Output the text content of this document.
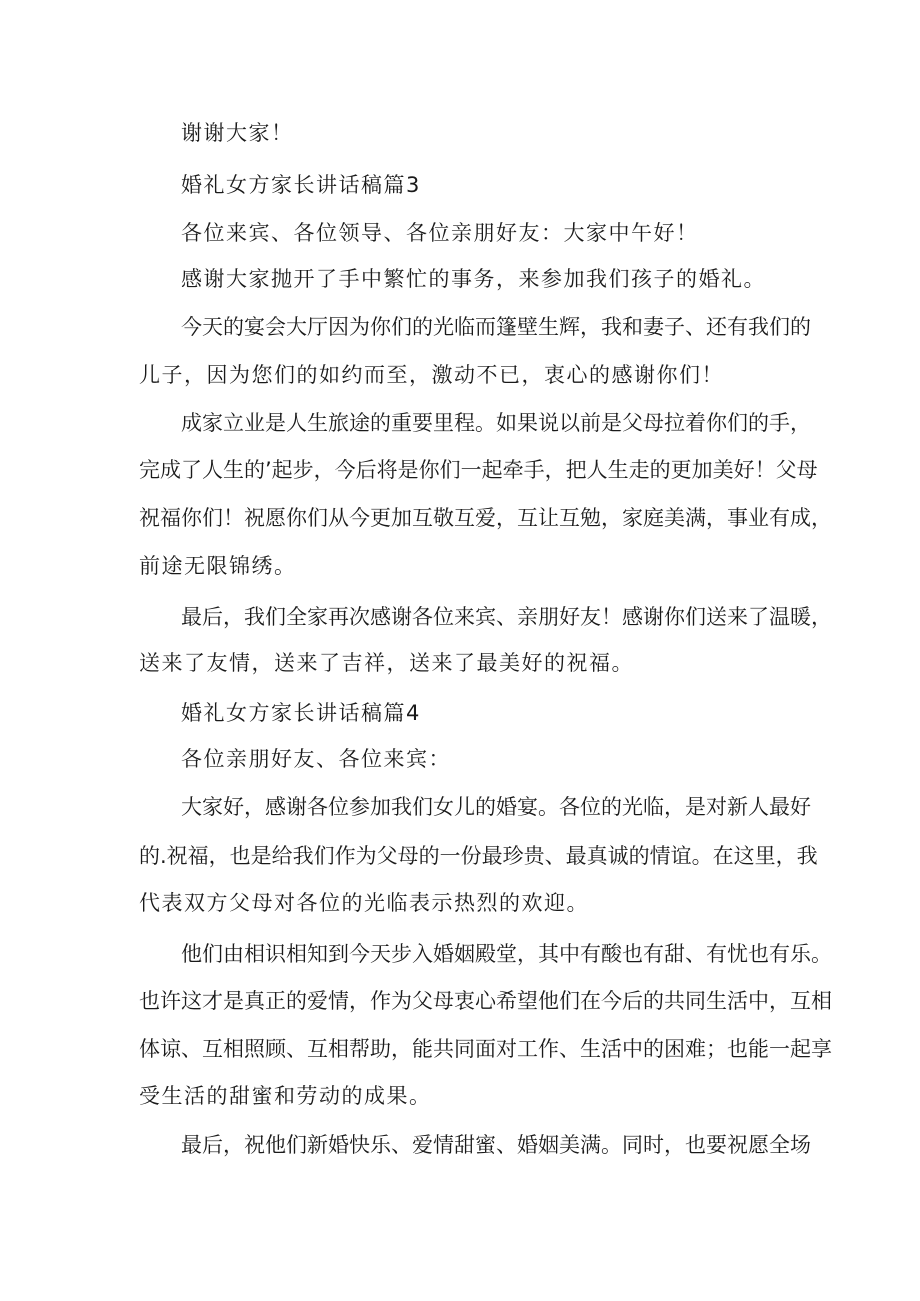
谢谢大家！

婚礼女方家长讲话稿篇3

各位来宾、各位领导、各位亲朋好友：大家中午好！

感谢大家抛开了手中繁忙的事务，来参加我们孩子的婚礼。

今天的宴会大厅因为你们的光临而篷壁生辉，我和妻子、还有我们的

儿子，因为您们的如约而至，激动不已，衷心的感谢你们！

成家立业是人生旅途的重要里程。如果说以前是父母拉着你们的手，

完成了人生的’起步，今后将是你们一起牵手，把人生走的更加美好！父母

祝福你们！祝愿你们从今更加互敬互爱，互让互勉，家庭美满，事业有成，

前途无限锦绣。

最后，我们全家再次感谢各位来宾、亲朋好友！感谢你们送来了温暖，

送来了友情，送来了吉祥，送来了最美好的祝福。

婚礼女方家长讲话稿篇4

各位亲朋好友、各位来宾：

大家好，感谢各位参加我们女儿的婚宴。各位的光临，是对新人最好

的.祝福，也是给我们作为父母的一份最珍贵、最真诚的情谊。在这里，我

代表双方父母对各位的光临表示热烈的欢迎。

他们由相识相知到今天步入婚姻殿堂，其中有酸也有甜、有忧也有乐。

也许这才是真正的爱情，作为父母衷心希望他们在今后的共同生活中，互相

体谅、互相照顾、互相帮助，能共同面对工作、生活中的困难；也能一起享

受生活的甜蜜和劳动的成果。

最后，祝他们新婚快乐、爱情甜蜜、婚姻美满。同时，也要祝愿全场
